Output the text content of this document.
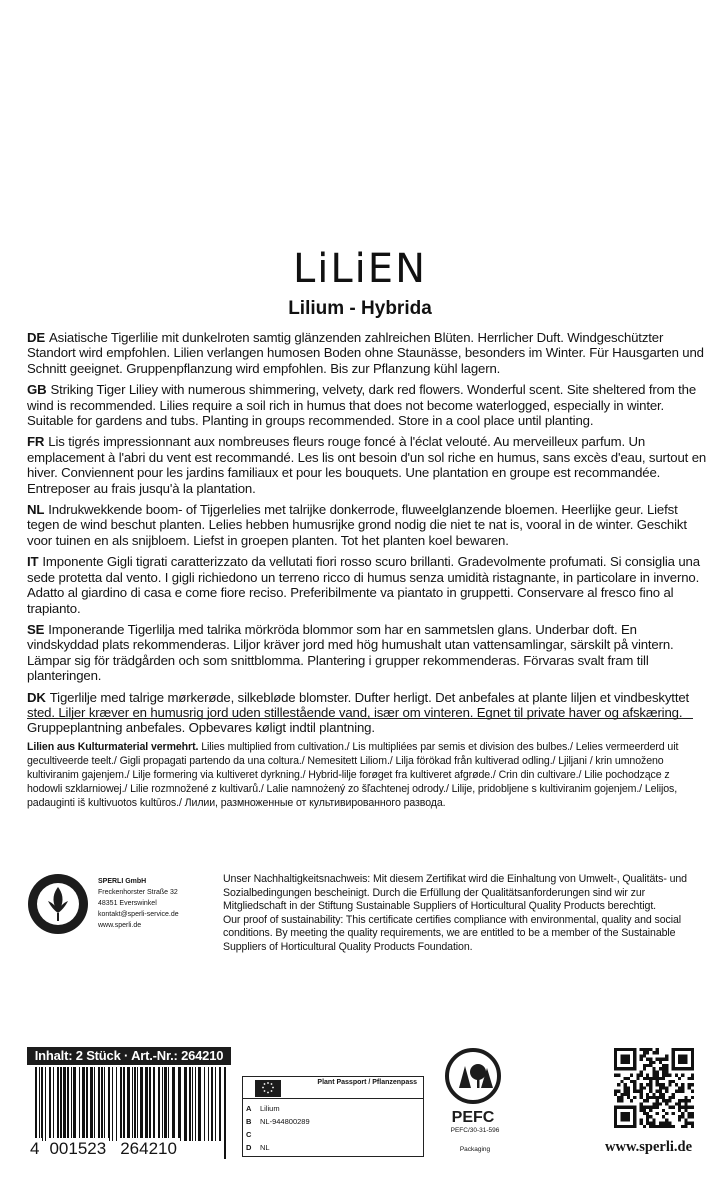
LiLiEN
Lilium - Hybrida

DE Asiatische Tigerlilie mit dunkelroten samtig glänzenden zahlreichen Blüten. Herrlicher Duft. Windgeschützter Standort wird empfohlen. Lilien verlangen humosen Boden ohne Staunässe, besonders im Winter. Für Hausgarten und Schnitt geeignet. Gruppenpflanzung wird empfohlen. Bis zur Pflanzung kühl lagern.

GB Striking Tiger Liliey with numerous shimmering, velvety, dark red flowers. Wonderful scent. Site sheltered from the wind is recommended. Lilies require a soil rich in humus that does not become waterlogged, especially in winter. Suitable for gardens and tubs. Planting in groups recommended. Store in a cool place until planting.

FR Lis tigrés impressionnant aux nombreuses fleurs rouge foncé à l'éclat velouté. Au merveilleux parfum. Un emplacement à l'abri du vent est recommandé. Les lis ont besoin d'un sol riche en humus, sans excès d'eau, surtout en hiver. Conviennent pour les jardins familiaux et pour les bouquets. Une plantation en groupe est recommandée. Entreposer au frais jusqu'à la plantation.

NL Indrukwekkende boom- of Tijgerlelies met talrijke donkerrode, fluweelglanzende bloemen. Heerlijke geur. Liefst tegen de wind beschut planten. Lelies hebben humusrijke grond nodig die niet te nat is, vooral in de winter. Geschikt voor tuinen en als snijbloem. Liefst in groepen planten. Tot het planten koel bewaren.

IT Imponente Gigli tigrati caratterizzato da vellutati fiori rosso scuro brillanti. Gradevolmente profumati. Si consiglia una sede protetta dal vento. I gigli richiedono un terreno ricco di humus senza umidità ristagnante, in particolare in inverno. Adatto al giardino di casa e come fiore reciso. Preferibilmente va piantato in gruppetti. Conservare al fresco fino al trapianto.

SE Imponerande Tigerlilja med talrika mörkröda blommor som har en sammetslen glans. Underbar doft. En vindskyddad plats rekommenderas. Liljor kräver jord med hög humushalt utan vattensamlingar, särskilt på vintern. Lämpar sig för trädgården och som snittblomma. Plantering i grupper rekommenderas. Förvaras svalt fram till planteringen.

DK Tigerlilje med talrige mørkerøde, silkebløde blomster. Dufter herligt. Det anbefales at plante liljen et vindbeskyttet sted. Liljer kræver en humusrig jord uden stillestående vand, især om vinteren. Egnet til private haver og afskæring. Gruppeplantning anbefales. Opbevares køligt indtil plantning.

Lilien aus Kulturmaterial vermehrt. Lilies multiplied from cultivation./ Lis multipliées par semis et division des bulbes./ Lelies vermeerderd uit gecultiveerde teelt./ Gigli propagati partendo da una coltura./ Nemesitett Liliom./ Lilja förökad från kultiverad odling./ Ljiljani / krin umnoženo kultiviranim gajenjem./ Lilje formering via kultiveret dyrkning./ Hybrid-lilje forøget fra kultiveret afgrøde./ Crin din cultivare./ Lilie pochodzące z hodowli szklarniowej./ Lilie rozmnožené z kultivarů./ Lalie namnożený zo šľachtenej odrody./ Lilije, pridobljene s kultiviranim gojenjem./ Lelijos, padauginti iš kultivuotos kultūros./ Лилии, размноженные от культивированного развода.
SPERLI GmbH
Freckenhorster Straße 32
48351 Everswinkel
kontakt@sperli-service.de
www.sperli.de
Unser Nachhaltigkeitsnachweis: Mit diesem Zertifikat wird die Einhaltung von Umwelt-, Qualitäts- und Sozialbedingungen bescheinigt. Durch die Erfüllung der Qualitätsanforderungen sind wir zur Mitgliedschaft in der Stiftung Sustainable Suppliers of Horticultural Quality Products berechtigt.
Our proof of sustainability: This certificate certifies compliance with environmental, quality and social conditions. By meeting the quality requirements, we are entitled to be a member of the Sustainable Suppliers of Horticultural Quality Products Foundation.
Inhalt: 2 Stück · Art.-Nr.: 264210
4 001523 264210
Plant Passport / Pflanzenpass
A Lilium
B NL-944800289
C
D NL
PEFC
PEFC/30-31-596
Packaging	www.sperli.de
